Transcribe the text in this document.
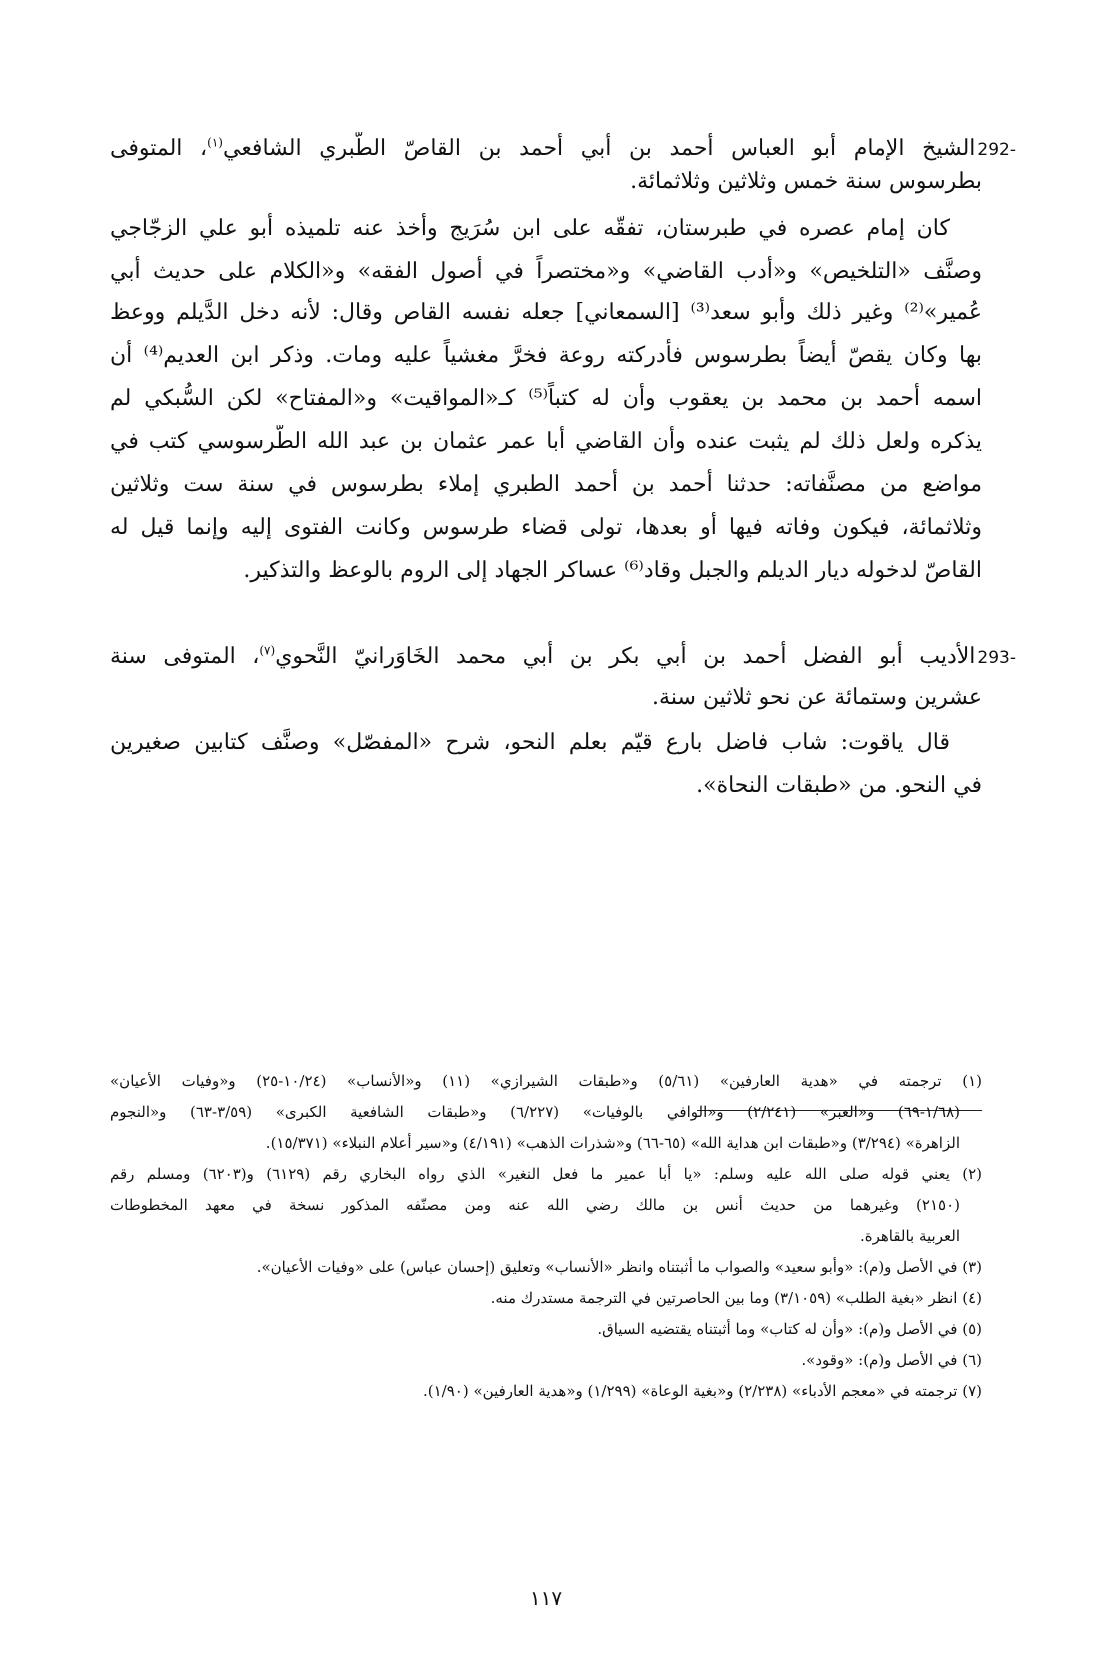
292-الشيخ الإمام أبو العباس أحمد بن أبي أحمد بن القاصّ الطَّبري الشافعي$^{(١)}$، المتوفى
بطرسوس سنة خمس وثلاثين وثلاثمائة.
كان إمام عصره في طبرستان، تفقّه على ابن سُرَيج وأخذ عنه تلميذه أبو علي الزجّاجي
وصنَّف «التلخيص» و«أدب القاضي» و«مختصراً في أصول الفقه» و«الكلام على حديث أبي
عُمير»⁽²⁾ وغير ذلك وأبو سعد⁽³⁾ [السمعاني] جعله نفسه القاص وقال: لأنه دخل الدَّيلم ووعظ
بها وكان يقصّ أيضاً بطرسوس فأدركته روعة فخرَّ مغشياً عليه ومات. وذكر ابن العديم⁽⁴⁾ أن
اسمه أحمد بن محمد بن يعقوب وأن له كتباً⁽⁵⁾ كـ«المواقيت» و«المفتاح» لكن السُّبكي لم
يذكره ولعل ذلك لم يثبت عنده وأن القاضي أبا عمر عثمان بن عبد الله الطَّرسوسي كتب في
مواضع من مصنَّفاته: حدثنا أحمد بن أحمد الطبري إملاء بطرسوس في سنة ست وثلاثين
وثلاثمائة، فيكون وفاته فيها أو بعدها، تولى قضاء طرسوس وكانت الفتوى إليه وإنما قيل له
القاصّ لدخوله ديار الديلم والجبل وقاد⁽⁶⁾ عساكر الجهاد إلى الروم بالوعظ والتذكير.
293-الأديب أبو الفضل أحمد بن أبي بكر بن أبي محمد الخَاوَرانيّ النَّحوي$^{(٧)}$، المتوفى سنة
عشرين وستمائة عن نحو ثلاثين سنة.
قال ياقوت: شاب فاضل بارع قيّم بعلم النحو، شرح «المفصّل» وصنَّف كتابين صغيرين
في النحو. من «طبقات النحاة».
(١) ترجمته في «هدية العارفين» (٥/٦١) و«طبقات الشيرازي» (١١) و«الأنساب» (١٠/٢٤-٢٥) و«وفيات الأعيان»
(١/٦٨-٦٩) و«العبر» (٢/٢٤١) و«الوافي بالوفيات» (٦/٢٢٧) و«طبقات الشافعية الكبرى» (٣/٥٩-٦٣) و«النجوم
الزاهرة» (٣/٢٩٤) و«طبقات ابن هداية الله» (٦٥-٦٦) و«شذرات الذهب» (٤/١٩١) و«سير أعلام النبلاء» (١٥/٣٧١).
(٢) يعني قوله صلى الله عليه وسلم: «يا أبا عمير ما فعل النغير» الذي رواه البخاري رقم (٦١٢٩) و(٦٢٠٣) ومسلم رقم
(٢١٥٠) وغيرهما من حديث أنس بن مالك رضي الله عنه ومن مصنّفه المذكور نسخة في معهد المخطوطات
العربية بالقاهرة.
(٣) في الأصل و(م): «وأبو سعيد» والصواب ما أثبتناه وانظر «الأنساب» وتعليق (إحسان عباس) على «وفيات الأعيان».
(٤) انظر «بغية الطلب» (٣/١٠٥٩) وما بين الحاصرتين في الترجمة مستدرك منه.
(٥) في الأصل و(م): «وأن له كتاب» وما أثبتناه يقتضيه السياق.
(٦) في الأصل و(م): «وقود».
(٧) ترجمته في «معجم الأدباء» (٢/٢٣٨) و«بغية الوعاة» (١/٢٩٩) و«هدية العارفين» (١/٩٠).
١١٧
